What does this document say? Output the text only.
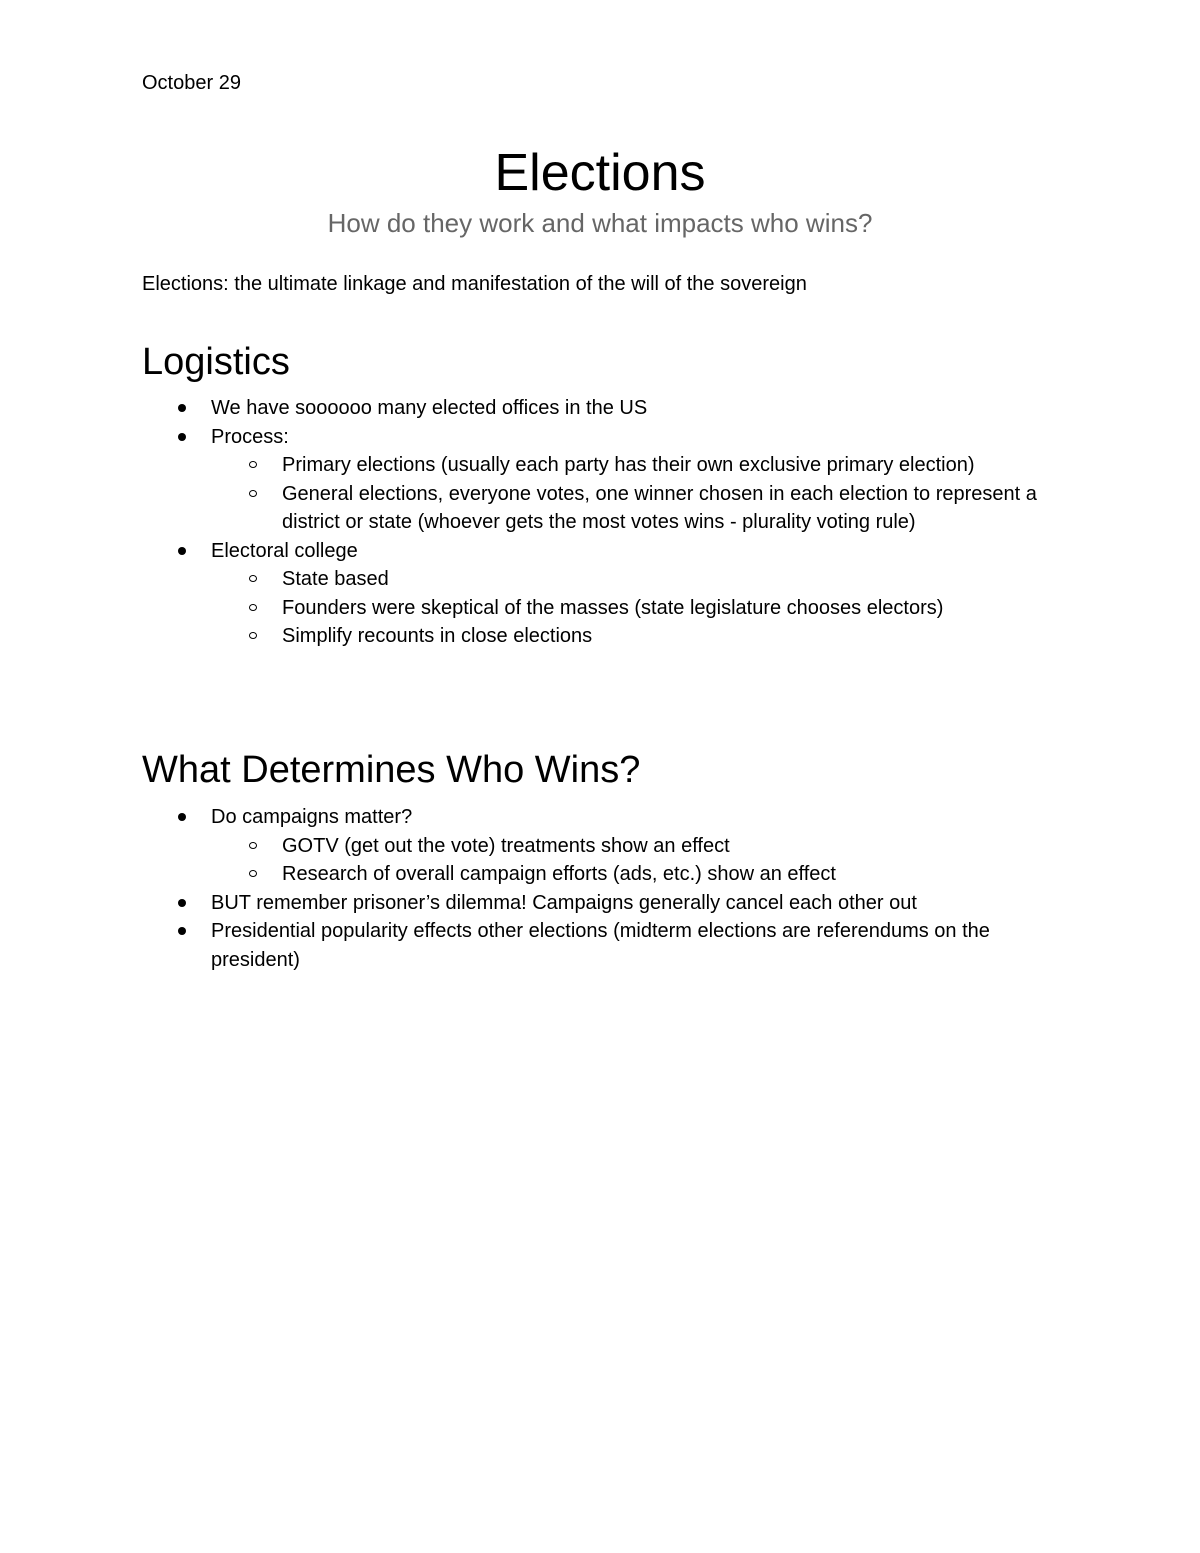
October 29
Elections
How do they work and what impacts who wins?
Elections: the ultimate linkage and manifestation of the will of the sovereign
Logistics
We have soooooo many elected offices in the US
Process:
Primary elections (usually each party has their own exclusive primary election)
General elections, everyone votes, one winner chosen in each election to represent a district or state (whoever gets the most votes wins - plurality voting rule)
Electoral college
State based
Founders were skeptical of the masses (state legislature chooses electors)
Simplify recounts in close elections
What Determines Who Wins?
Do campaigns matter?
GOTV (get out the vote) treatments show an effect
Research of overall campaign efforts (ads, etc.) show an effect
BUT remember prisoner’s dilemma! Campaigns generally cancel each other out
Presidential popularity effects other elections (midterm elections are referendums on the president)
